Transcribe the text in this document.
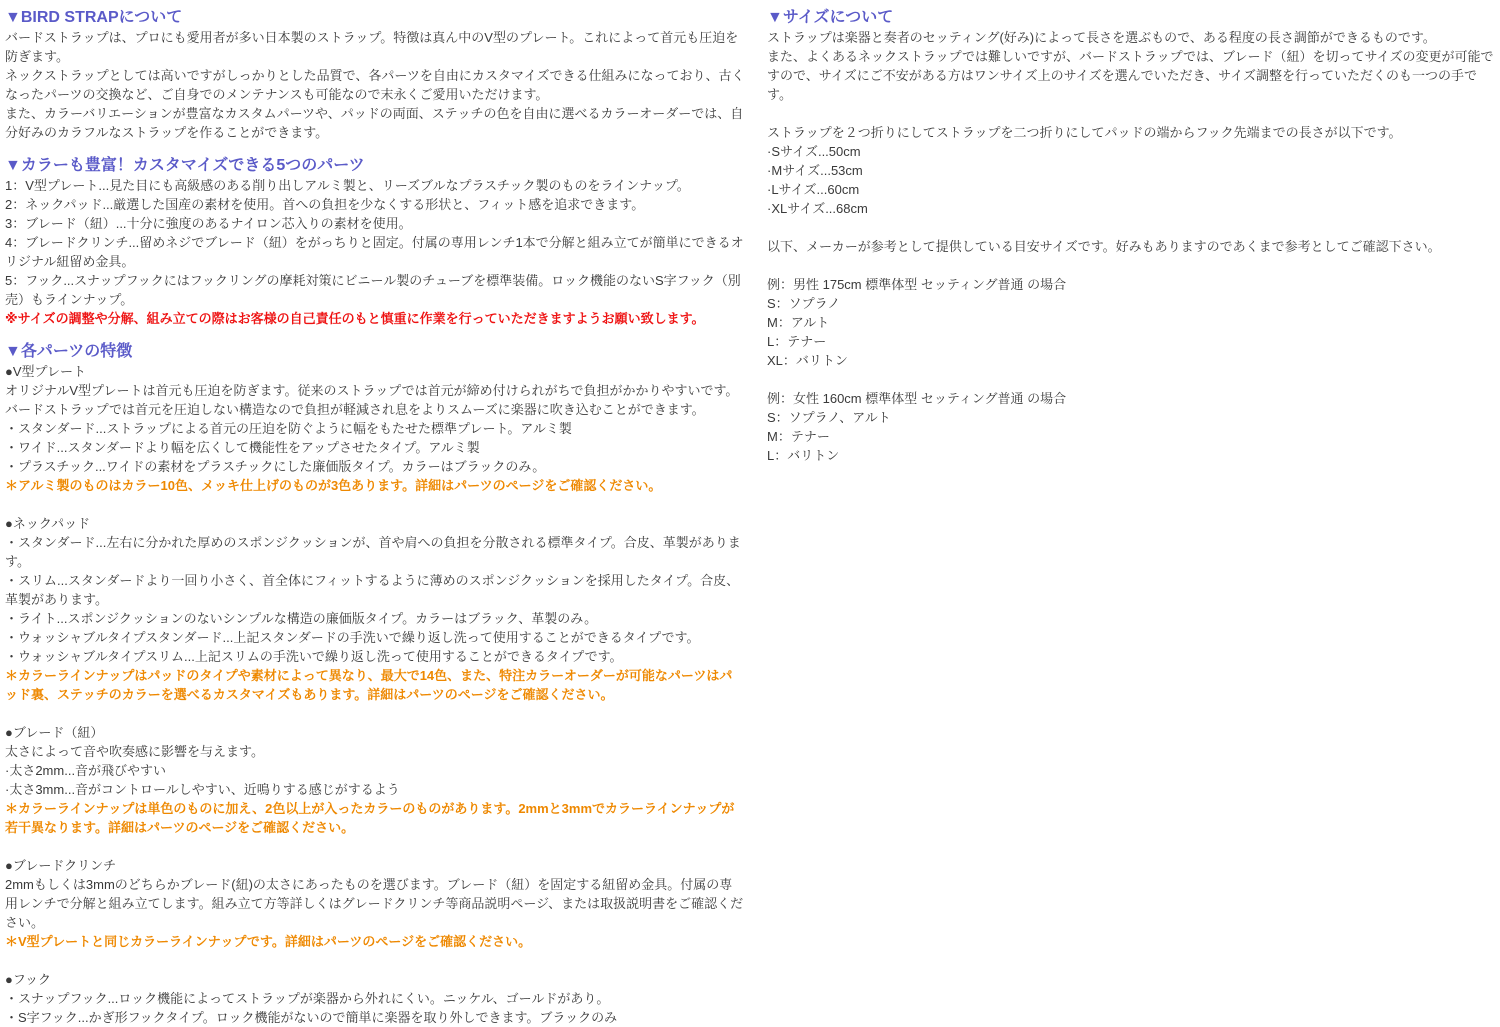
▼BIRD STRAPについて
バードストラップは、プロにも愛用者が多い日本製のストラップ。特徴は真ん中のV型のプレート。これによって首元も圧迫を防ぎます。
ネックストラップとしては高いですがしっかりとした品質で、各パーツを自由にカスタマイズできる仕組みになっており、古くなったパーツの交換など、ご自身でのメンテナンスも可能なので末永くご愛用いただけます。
また、カラーバリエーションが豊富なカスタムパーツや、パッドの両面、ステッチの色を自由に選べるカラーオーダーでは、自分好みのカラフルなストラップを作ることができます。
▼カラーも豊富！カスタマイズできる5つのパーツ
1：V型プレート...見た目にも高級感のある削り出しアルミ製と、リーズブルなプラスチック製のものをラインナップ。
2：ネックパッド...厳選した国産の素材を使用。首への負担を少なくする形状と、フィット感を追求できます。
3：ブレード（紐）...十分に強度のあるナイロン芯入りの素材を使用。
4：ブレードクリンチ...留めネジでブレード（紐）をがっちりと固定。付属の専用レンチ1本で分解と組み立てが簡単にできるオリジナル紐留め金具。
5：フック...スナップフックにはフックリングの摩耗対策にビニール製のチューブを標準装備。ロック機能のないS字フック（別売）もラインナップ。
※サイズの調整や分解、組み立ての際はお客様の自己責任のもと慎重に作業を行っていただきますようお願い致します。
▼各パーツの特徴
●V型プレート
オリジナルV型プレートは首元も圧迫を防ぎます。従来のストラップでは首元が締め付けられがちで負担がかかりやすいです。
バードストラップでは首元を圧迫しない構造なので負担が軽減され息をよりスムーズに楽器に吹き込むことができます。
・スタンダード...ストラップによる首元の圧迫を防ぐように幅をもたせた標準プレート。アルミ製
・ワイド...スタンダードより幅を広くして機能性をアップさせたタイプ。アルミ製
・プラスチック...ワイドの素材をプラスチックにした廉価版タイプ。カラーはブラックのみ。
＊アルミ製のものはカラー10色、メッキ仕上げのものが3色あります。詳細はパーツのページをご確認ください。
●ネックパッド
・スタンダード...左右に分かれた厚めのスポンジクッションが、首や肩への負担を分散される標準タイプ。合皮、革製があります。
・スリム...スタンダードより一回り小さく、首全体にフィットするように薄めのスポンジクッションを採用したタイプ。合皮、革製があります。
・ライト...スポンジクッションのないシンプルな構造の廉価版タイプ。カラーはブラック、革製のみ。
・ウォッシャブルタイプスタンダード...上記スタンダードの手洗いで繰り返し洗って使用することができるタイプです。
・ウォッシャブルタイプスリム...上記スリムの手洗いで繰り返し洗って使用することができるタイプです。
＊カラーラインナップはパッドのタイプや素材によって異なり、最大で14色、また、特注カラーオーダーが可能なパーツはパッド裏、ステッチのカラーを選べるカスタマイズもあります。詳細はパーツのページをご確認ください。
●ブレード（紐）
太さによって音や吹奏感に影響を与えます。
·太さ2mm...音が飛びやすい
·太さ3mm...音がコントロールしやすい、近鳴りする感じがするよう
＊カラーラインナップは単色のものに加え、2色以上が入ったカラーのものがあります。2mmと3mmでカラーラインナップが若干異なります。詳細はパーツのページをご確認ください。
●ブレードクリンチ
2mmもしくは3mmのどちらかブレード(紐)の太さにあったものを選びます。ブレード（紐）を固定する紐留め金具。付属の専用レンチで分解と組み立てします。組み立て方等詳しくはグレードクリンチ等商品説明ページ、または取扱説明書をご確認ください。
＊V型プレートと同じカラーラインナップです。詳細はパーツのページをご確認ください。
●フック
・スナップフック...ロック機能によってストラップが楽器から外れにくい。ニッケル、ゴールドがあり。
・S字フック...かぎ形フックタイプ。ロック機能がないので簡単に楽器を取り外しできます。ブラックのみ
▼サイズについて
ストラップは楽器と奏者のセッティング(好み)によって長さを選ぶもので、ある程度の長さ調節ができるものです。
また、よくあるネックストラップでは難しいですが、バードストラップでは、ブレード（紐）を切ってサイズの変更が可能ですので、サイズにご不安がある方はワンサイズ上のサイズを選んでいただき、サイズ調整を行っていただくのも一つの手です。
ストラップを２つ折りにしてストラップを二つ折りにしてパッドの端からフック先端までの長さが以下です。
·Sサイズ...50cm
·Mサイズ...53cm
·Lサイズ...60cm
·XLサイズ...68cm
以下、メーカーが参考として提供している目安サイズです。好みもありますのであくまで参考としてご確認下さい。
例：男性 175cm 標準体型 セッティング普通 の場合
S：ソプラノ
M：アルト
L：テナー
XL：バリトン
例：女性 160cm 標準体型 セッティング普通 の場合
S：ソプラノ、アルト
M：テナー
L：バリトン
